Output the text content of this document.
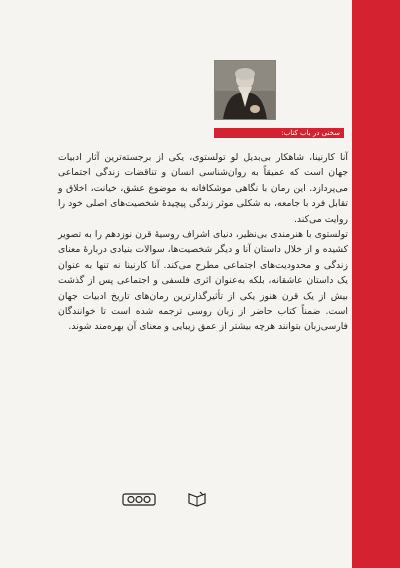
سخنی در باب کتاب:

آنا کارنینا، شاهکار بی‌بدیل لو تولستوی، یکی از برجسته‌ترین آثار ادبیات جهان است که عمیقاً به روان‌شناسی انسان و تناقضات زندگی اجتماعی می‌پردازد. این رمان با نگاهی موشکافانه به موضوع عشق، خیانت، اخلاق و تقابل فرد با جامعه، به شکلی موثر زندگی پیچیدهٔ شخصیت‌های اصلی خود را روایت می‌کند.

تولستوی با هنرمندی بی‌نظیر، دنیای اشراف روسیهٔ قرن نوزدهم را به تصویر کشیده و از خلال داستان آنا و دیگر شخصیت‌ها، سوالات بنیادی دربارهٔ معنای زندگی و محدودیت‌های اجتماعی مطرح می‌کند. آنا کارنینا نه تنها به عنوان یک داستان عاشقانه، بلکه به‌عنوان اثری فلسفی و اجتماعی پس از گذشت بیش از یک قرن هنوز یکی از تأثیرگذارترین رمان‌های تاریخ ادبیات جهان است. ضمناً کتاب حاضر از زبان روسی ترجمه شده است تا خوانندگان فارسی‌زبان بتوانند هرچه بیشتر از عمق زیبایی و معنای آن بهره‌مند شوند.
